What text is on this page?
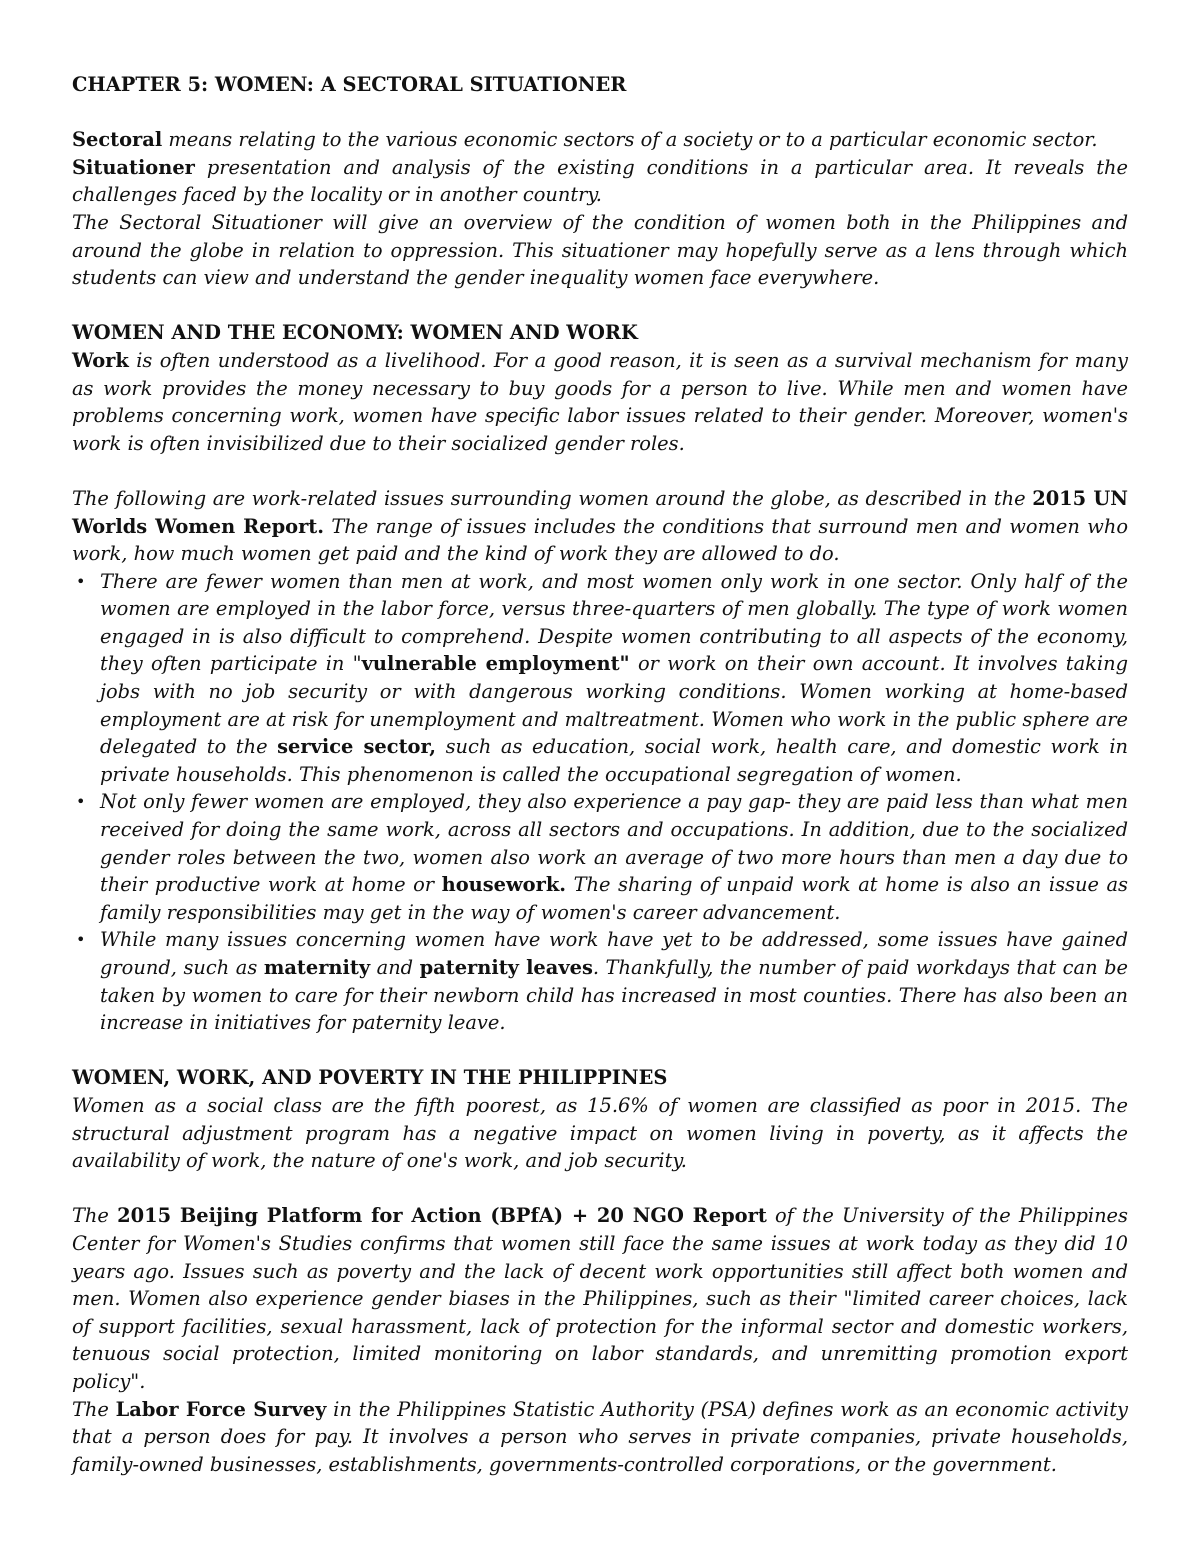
CHAPTER 5: WOMEN: A SECTORAL SITUATIONER

Sectoral means relating to the various economic sectors of a society or to a particular economic sector.

Situationer presentation and analysis of the existing conditions in a particular area. It reveals the challenges faced by the locality or in another country.

The Sectoral Situationer will give an overview of the condition of women both in the Philippines and around the globe in relation to oppression. This situationer may hopefully serve as a lens through which students can view and understand the gender inequality women face everywhere.

WOMEN AND THE ECONOMY: WOMEN AND WORK

Work is often understood as a livelihood. For a good reason, it is seen as a survival mechanism for many as work provides the money necessary to buy goods for a person to live. While men and women have problems concerning work, women have specific labor issues related to their gender. Moreover, women's work is often invisibilized due to their socialized gender roles.

The following are work-related issues surrounding women around the globe, as described in the 2015 UN Worlds Women Report. The range of issues includes the conditions that surround men and women who work, how much women get paid and the kind of work they are allowed to do.

• There are fewer women than men at work, and most women only work in one sector. Only half of the women are employed in the labor force, versus three-quarters of men globally. The type of work women engaged in is also difficult to comprehend. Despite women contributing to all aspects of the economy, they often participate in "vulnerable employment" or work on their own account. It involves taking jobs with no job security or with dangerous working conditions. Women working at home-based employment are at risk for unemployment and maltreatment. Women who work in the public sphere are delegated to the service sector, such as education, social work, health care, and domestic work in private households. This phenomenon is called the occupational segregation of women.
• Not only fewer women are employed, they also experience a pay gap- they are paid less than what men received for doing the same work, across all sectors and occupations. In addition, due to the socialized gender roles between the two, women also work an average of two more hours than men a day due to their productive work at home or housework. The sharing of unpaid work at home is also an issue as family responsibilities may get in the way of women's career advancement.
• While many issues concerning women have work have yet to be addressed, some issues have gained ground, such as maternity and paternity leaves. Thankfully, the number of paid workdays that can be taken by women to care for their newborn child has increased in most counties. There has also been an increase in initiatives for paternity leave.

WOMEN, WORK, AND POVERTY IN THE PHILIPPINES

Women as a social class are the fifth poorest, as 15.6% of women are classified as poor in 2015. The structural adjustment program has a negative impact on women living in poverty, as it affects the availability of work, the nature of one's work, and job security.

The 2015 Beijing Platform for Action (BPfA) + 20 NGO Report of the University of the Philippines Center for Women's Studies confirms that women still face the same issues at work today as they did 10 years ago. Issues such as poverty and the lack of decent work opportunities still affect both women and men. Women also experience gender biases in the Philippines, such as their "limited career choices, lack of support facilities, sexual harassment, lack of protection for the informal sector and domestic workers, tenuous social protection, limited monitoring on labor standards, and unremitting promotion export policy".

The Labor Force Survey in the Philippines Statistic Authority (PSA) defines work as an economic activity that a person does for pay. It involves a person who serves in private companies, private households, family-owned businesses, establishments, governments-controlled corporations, or the government.
